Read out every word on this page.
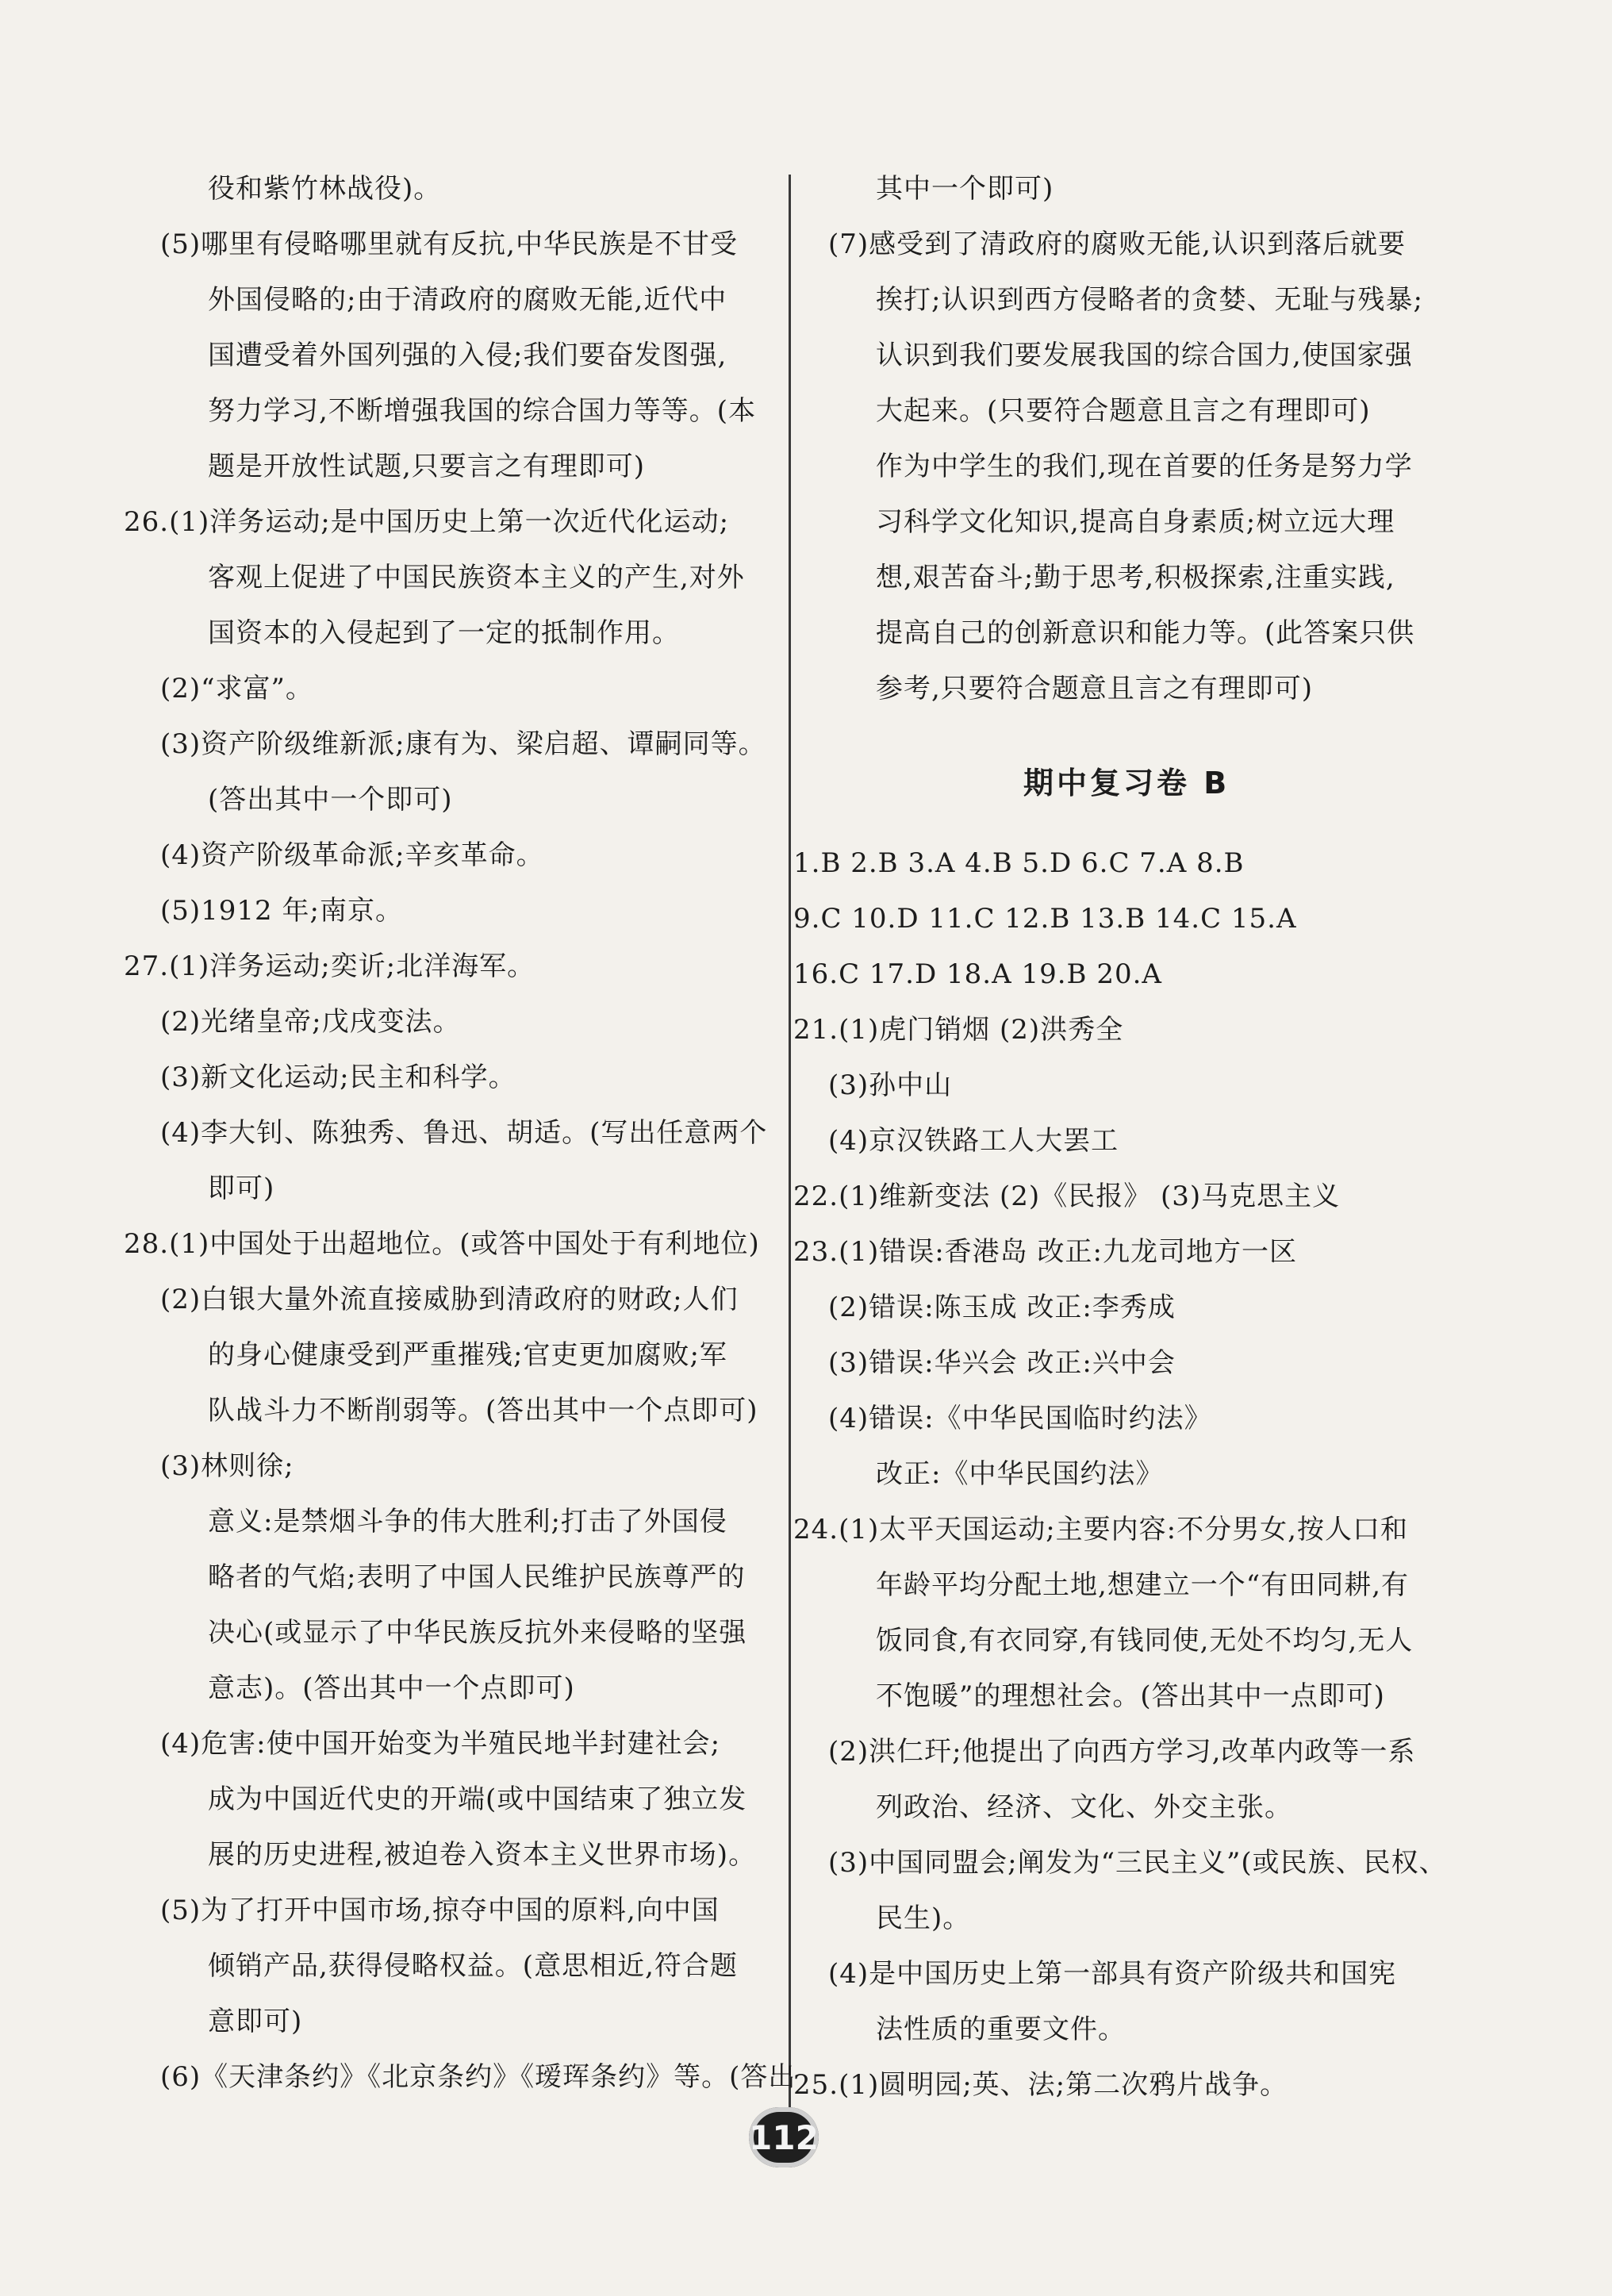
役和紫竹林战役)。
(5)哪里有侵略哪里就有反抗,中华民族是不甘受
外国侵略的;由于清政府的腐败无能,近代中
国遭受着外国列强的入侵;我们要奋发图强,
努力学习,不断增强我国的综合国力等等。(本
题是开放性试题,只要言之有理即可)
26.(1)洋务运动;是中国历史上第一次近代化运动;
客观上促进了中国民族资本主义的产生,对外
国资本的入侵起到了一定的抵制作用。
(2)“求富”。
(3)资产阶级维新派;康有为、梁启超、谭嗣同等。
(答出其中一个即可)
(4)资产阶级革命派;辛亥革命。
(5)1912 年;南京。
27.(1)洋务运动;奕䜣;北洋海军。
(2)光绪皇帝;戊戌变法。
(3)新文化运动;民主和科学。
(4)李大钊、陈独秀、鲁迅、胡适。(写出任意两个
即可)
28.(1)中国处于出超地位。(或答中国处于有利地位)
(2)白银大量外流直接威胁到清政府的财政;人们
的身心健康受到严重摧残;官吏更加腐败;军
队战斗力不断削弱等。(答出其中一个点即可)
(3)林则徐;
意义:是禁烟斗争的伟大胜利;打击了外国侵
略者的气焰;表明了中国人民维护民族尊严的
决心(或显示了中华民族反抗外来侵略的坚强
意志)。(答出其中一个点即可)
(4)危害:使中国开始变为半殖民地半封建社会;
成为中国近代史的开端(或中国结束了独立发
展的历史进程,被迫卷入资本主义世界市场)。
(5)为了打开中国市场,掠夺中国的原料,向中国
倾销产品,获得侵略权益。(意思相近,符合题
意即可)
(6)《天津条约》《北京条约》《瑷珲条约》等。(答出
其中一个即可)
(7)感受到了清政府的腐败无能,认识到落后就要
挨打;认识到西方侵略者的贪婪、无耻与残暴;
认识到我们要发展我国的综合国力,使国家强
大起来。(只要符合题意且言之有理即可)
作为中学生的我们,现在首要的任务是努力学
习科学文化知识,提高自身素质;树立远大理
想,艰苦奋斗;勤于思考,积极探索,注重实践,
提高自己的创新意识和能力等。(此答案只供
参考,只要符合题意且言之有理即可)
期中复习卷 B
1.B 2.B 3.A 4.B 5.D 6.C 7.A 8.B
9.C 10.D 11.C 12.B 13.B 14.C 15.A
16.C 17.D 18.A 19.B 20.A
21.(1)虎门销烟 (2)洪秀全
(3)孙中山
(4)京汉铁路工人大罢工
22.(1)维新变法 (2)《民报》 (3)马克思主义
23.(1)错误:香港岛 改正:九龙司地方一区
(2)错误:陈玉成 改正:李秀成
(3)错误:华兴会 改正:兴中会
(4)错误:《中华民国临时约法》
改正:《中华民国约法》
24.(1)太平天国运动;主要内容:不分男女,按人口和
年龄平均分配土地,想建立一个“有田同耕,有
饭同食,有衣同穿,有钱同使,无处不均匀,无人
不饱暖”的理想社会。(答出其中一点即可)
(2)洪仁玕;他提出了向西方学习,改革内政等一系
列政治、经济、文化、外交主张。
(3)中国同盟会;阐发为“三民主义”(或民族、民权、
民生)。
(4)是中国历史上第一部具有资产阶级共和国宪
法性质的重要文件。
25.(1)圆明园;英、法;第二次鸦片战争。
112
